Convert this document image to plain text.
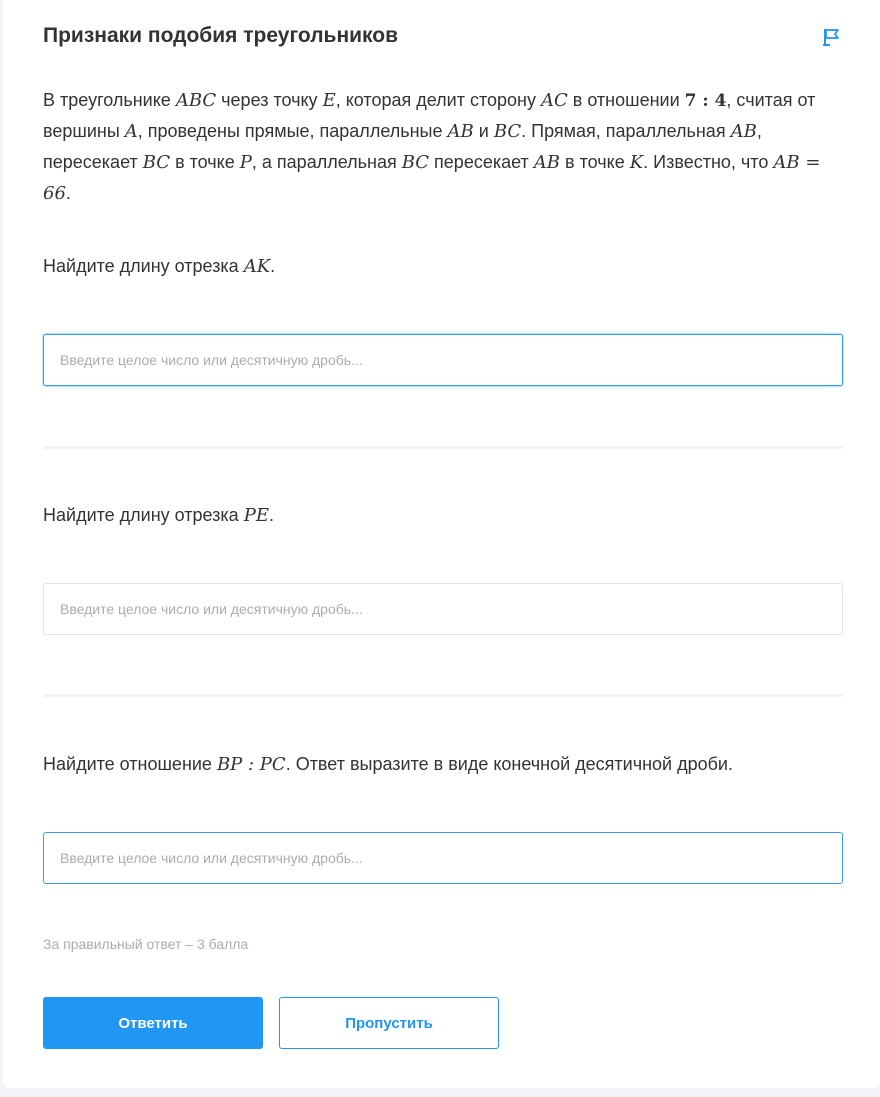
Признаки подобия треугольников

В треугольнике ABC через точку E, которая делит сторону AC в отношении 7 : 4, считая от вершины A, проведены прямые, параллельные AB и BC. Прямая, параллельная AB, пересекает BC в точке P, а параллельная BC пересекает AB в точке K. Известно, что AB = 66.

Найдите длину отрезка AK.

Введите целое число или десятичную дробь...

Найдите длину отрезка PE.

Введите целое число или десятичную дробь...

Найдите отношение BP : PC. Ответ выразите в виде конечной десятичной дроби.

Введите целое число или десятичную дробь...

За правильный ответ – 3 балла

Ответить	Пропустить
